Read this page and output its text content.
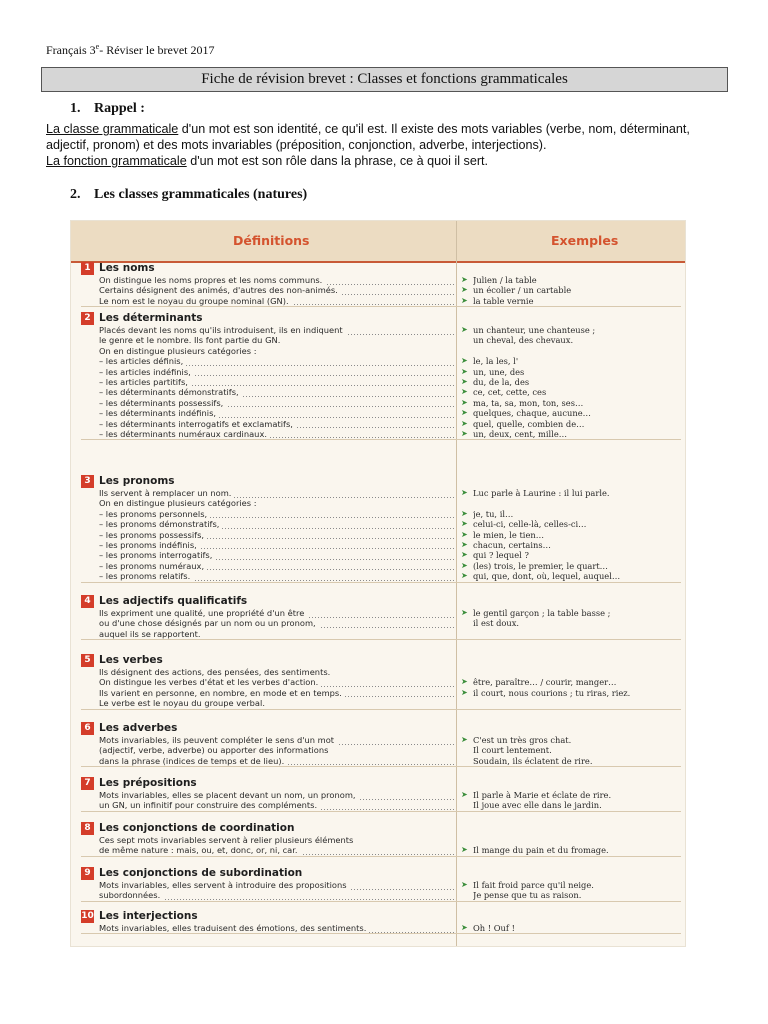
Français 3e- Réviser le brevet 2017
Fiche de révision brevet : Classes et fonctions grammaticales
1. Rappel :

La classe grammaticale d'un mot est son identité, ce qu'il est. Il existe des mots variables (verbe, nom, déterminant, adjectif, pronom) et des mots invariables (préposition, conjonction, adverbe, interjections).

La fonction grammaticale d'un mot est son rôle dans la phrase, ce à quoi il sert.

2. Les classes grammaticales (natures)
Définitions	Exemples
1 Les noms
On distingue les noms propres et les noms communs.	➤ Julien / la table
Certains désignent des animés, d'autres des non-animés.	➤ un écolier / un cartable
Le nom est le noyau du groupe nominal (GN).	➤ la table vernie
2 Les déterminants
Placés devant les noms qu'ils introduisent, ils en indiquent	➤ un chanteur, une chanteuse ;
le genre et le nombre. Ils font partie du GN.	un cheval, des chevaux.
On en distingue plusieurs catégories :
– les articles définis,	➤ le, la les, l'
– les articles indéfinis,	➤ un, une, des
– les articles partitifs,	➤ du, de la, des
– les déterminants démonstratifs,	➤ ce, cet, cette, ces
– les déterminants possessifs,	➤ ma, ta, sa, mon, ton, ses…
– les déterminants indéfinis,	➤ quelques, chaque, aucune…
– les déterminants interrogatifs et exclamatifs,	➤ quel, quelle, combien de…
– les déterminants numéraux cardinaux.	➤ un, deux, cent, mille…
3 Les pronoms
Ils servent à remplacer un nom.	➤ Luc parle à Laurine : il lui parle.
On en distingue plusieurs catégories :
– les pronoms personnels,	➤ je, tu, il…
– les pronoms démonstratifs,	➤ celui-ci, celle-là, celles-ci…
– les pronoms possessifs,	➤ le mien, le tien…
– les pronoms indéfinis,	➤ chacun, certains…
– les pronoms interrogatifs,	➤ qui ? lequel ?
– les pronoms numéraux,	➤ (les) trois, le premier, le quart…
– les pronoms relatifs.	➤ qui, que, dont, où, lequel, auquel…
4 Les adjectifs qualificatifs
Ils expriment une qualité, une propriété d'un être	➤ le gentil garçon ; la table basse ;
ou d'une chose désignés par un nom ou un pronom,	il est doux.
auquel ils se rapportent.
5 Les verbes
Ils désignent des actions, des pensées, des sentiments.
On distingue les verbes d'état et les verbes d'action.	➤ être, paraître… / courir, manger…
Ils varient en personne, en nombre, en mode et en temps.	➤ il court, nous courions ; tu riras, riez.
Le verbe est le noyau du groupe verbal.
6 Les adverbes
Mots invariables, ils peuvent compléter le sens d'un mot	➤ C'est un très gros chat.
(adjectif, verbe, adverbe) ou apporter des informations	Il court lentement.
dans la phrase (indices de temps et de lieu).	Soudain, ils éclatent de rire.
7 Les prépositions
Mots invariables, elles se placent devant un nom, un pronom,	➤ Il parle à Marie et éclate de rire.
un GN, un infinitif pour construire des compléments.	Il joue avec elle dans le jardin.
8 Les conjonctions de coordination
Ces sept mots invariables servent à relier plusieurs éléments
de même nature : mais, ou, et, donc, or, ni, car.	➤ Il mange du pain et du fromage.
9 Les conjonctions de subordination
Mots invariables, elles servent à introduire des propositions	➤ Il fait froid parce qu'il neige.
subordonnées.	Je pense que tu as raison.
10 Les interjections
Mots invariables, elles traduisent des émotions, des sentiments.	➤ Oh ! Ouf !
